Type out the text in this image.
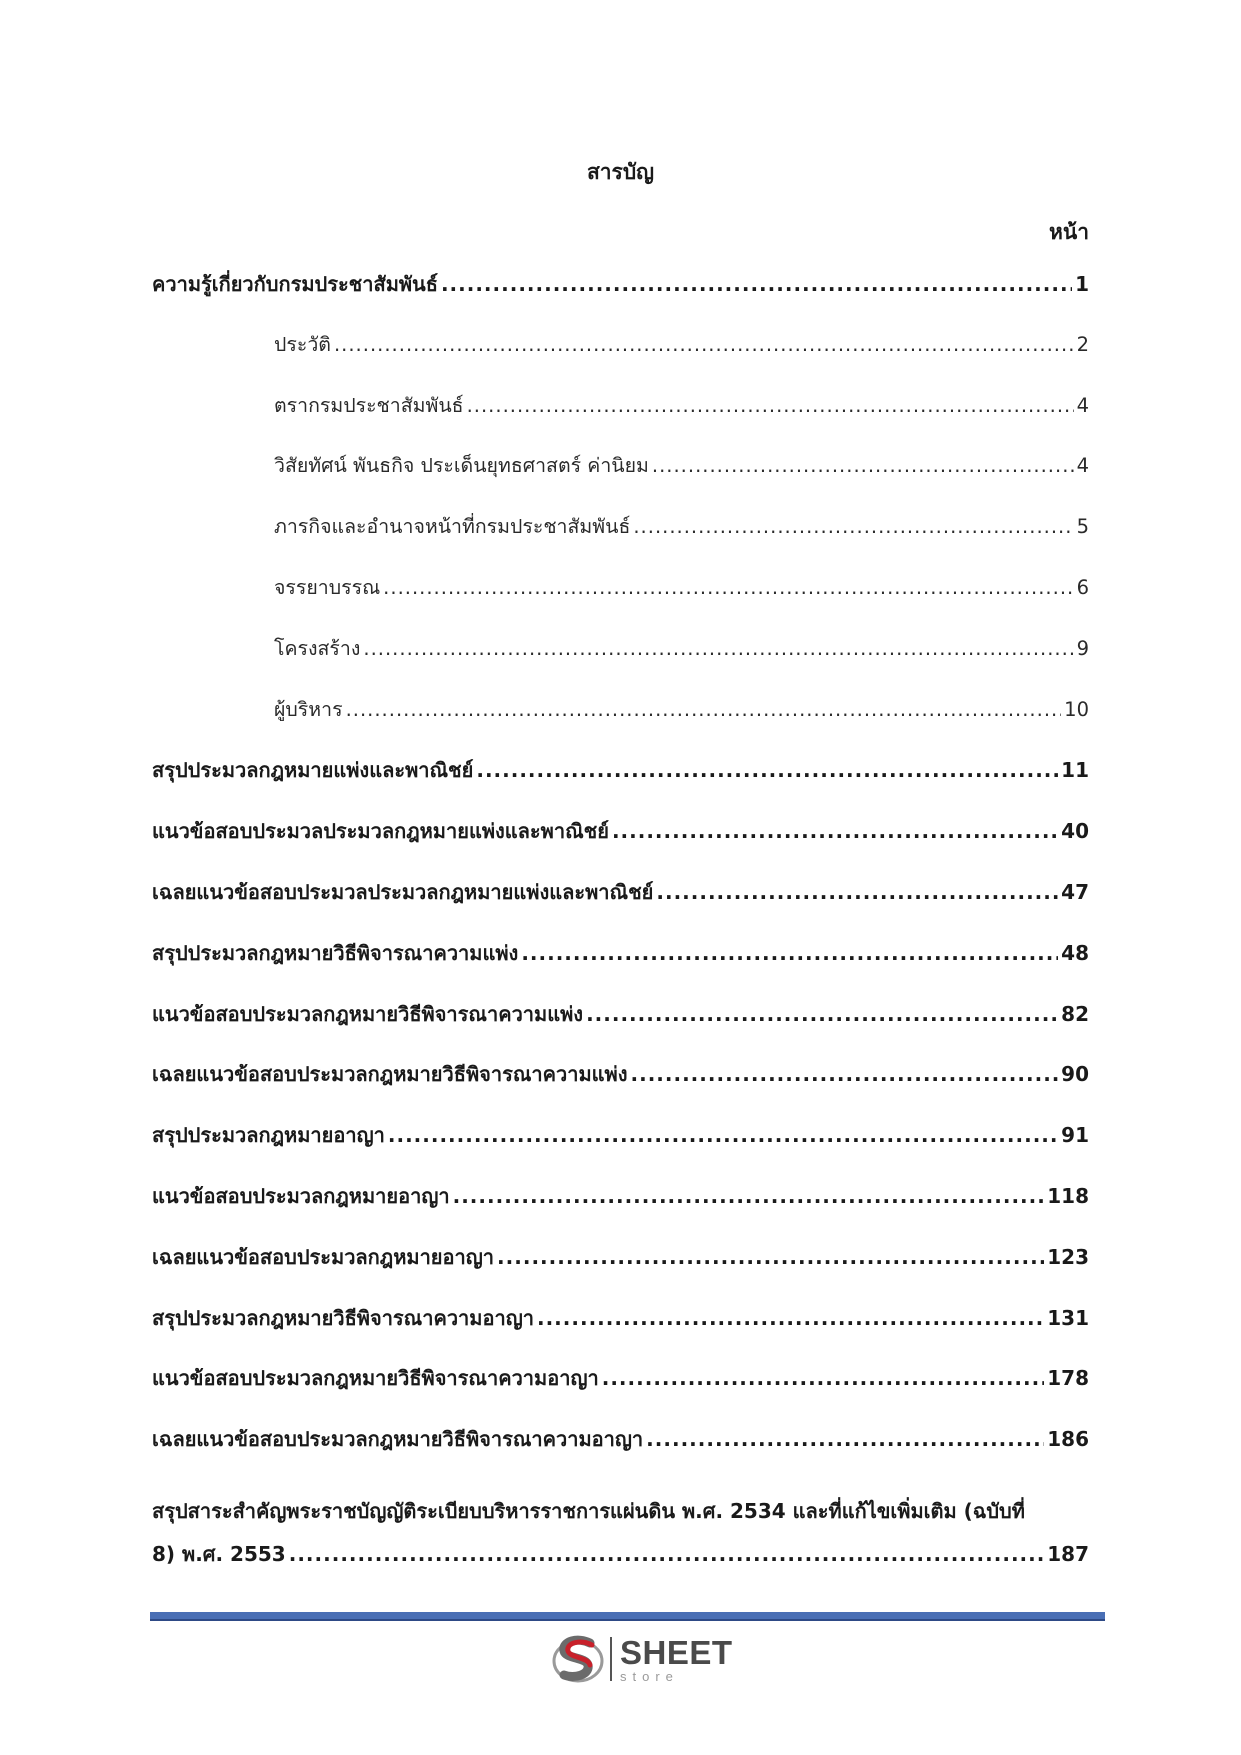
สารบัญ
หน้า
ความรู้เกี่ยวกับกรมประชาสัมพันธ์ .....	1
ประวัติ .....	2
ตรากรมประชาสัมพันธ์ .....	4
วิสัยทัศน์ พันธกิจ ประเด็นยุทธศาสตร์ ค่านิยม .....	4
ภารกิจและอำนาจหน้าที่กรมประชาสัมพันธ์ .....	5
จรรยาบรรณ .....	6
โครงสร้าง .....	9
ผู้บริหาร .....	10
สรุปประมวลกฎหมายแพ่งและพาณิชย์ .....	11
แนวข้อสอบประมวลประมวลกฎหมายแพ่งและพาณิชย์ .....	40
เฉลยแนวข้อสอบประมวลประมวลกฎหมายแพ่งและพาณิชย์ .....	47
สรุปประมวลกฎหมายวิธีพิจารณาความแพ่ง .....	48
แนวข้อสอบประมวลกฎหมายวิธีพิจารณาความแพ่ง .....	82
เฉลยแนวข้อสอบประมวลกฎหมายวิธีพิจารณาความแพ่ง .....	90
สรุปประมวลกฎหมายอาญา .....	91
แนวข้อสอบประมวลกฎหมายอาญา .....	118
เฉลยแนวข้อสอบประมวลกฎหมายอาญา .....	123
สรุปประมวลกฎหมายวิธีพิจารณาความอาญา .....	131
แนวข้อสอบประมวลกฎหมายวิธีพิจารณาความอาญา .....	178
เฉลยแนวข้อสอบประมวลกฎหมายวิธีพิจารณาความอาญา .....	186
สรุปสาระสำคัญพระราชบัญญัติระเบียบบริหารราชการแผ่นดิน พ.ศ. 2534 และที่แก้ไขเพิ่มเติม (ฉบับที่
8) พ.ศ. 2553 .....	187
SHEET
store
